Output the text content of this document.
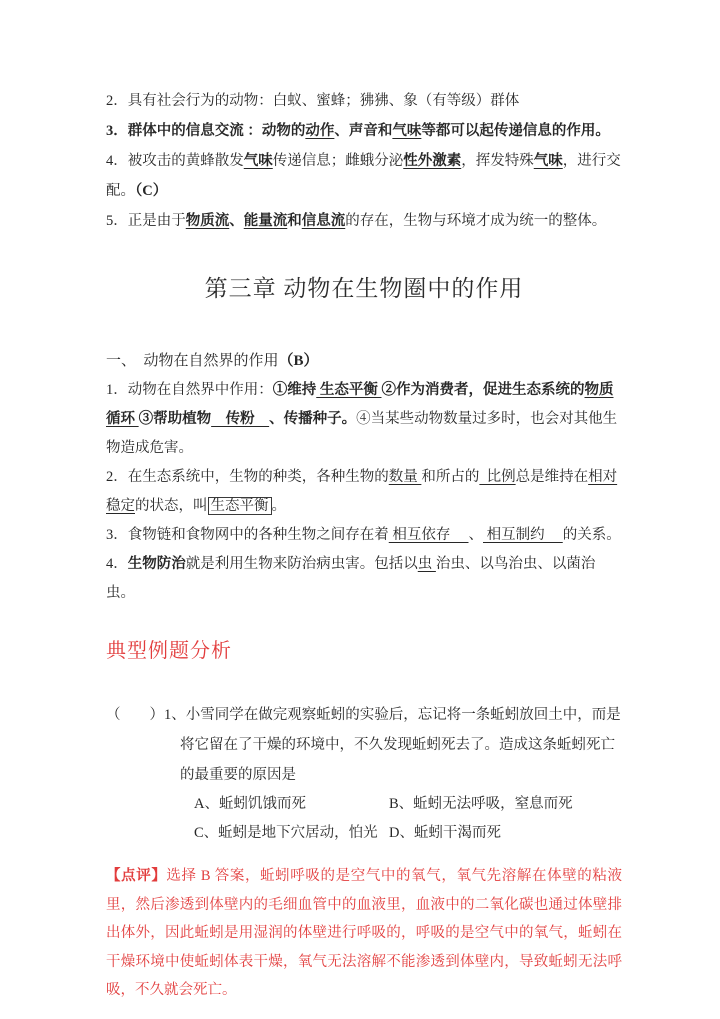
2．具有社会行为的动物：白蚁、蜜蜂；狒狒、象（有等级）群体

3．群体中的信息交流 ：动物的动作、声音和气味等都可以起传递信息的作用。

4．被攻击的黄蜂散发气味传递信息；雌蛾分泌性外激素，挥发特殊气味，进行交配。（C）

5．正是由于物质流、能量流和信息流的存在，生物与环境才成为统一的整体。

第三章 动物在生物圈中的作用
一、　动物在自然界的作用（B）

1．动物在自然界中作用：①维持 生态平衡 ②作为消费者，促进生态系统的物质循环 ③帮助植物　传粉　、传播种子。④当某些动物数量过多时，也会对其他生物造成危害。

2．在生态系统中，生物的种类，各种生物的数量 和所占的  比例总是维持在相对稳定的状态，叫 生态平衡 。

3．食物链和食物网中的各种生物之间存在着 相互依存 　、 相互制约　 的关系。

4．生物防治就是利用生物来防治病虫害。包括以虫 治虫、以鸟治虫、以菌治虫。

典型例题分析

（　　）1、小雪同学在做完观察蚯蚓的实验后，忘记将一条蚯蚓放回土中，而是将它留在了干燥的环境中，不久发现蚯蚓死去了。造成这条蚯蚓死亡的最重要的原因是

A、蚯蚓饥饿而死	B、蚯蚓无法呼吸，窒息而死
C、蚯蚓是地下穴居动，怕光 D、蚯蚓干渴而死

【点评】选择 B 答案，蚯蚓呼吸的是空气中的氧气，氧气先溶解在体壁的粘液里，然后渗透到体壁内的毛细血管中的血液里，血液中的二氧化碳也通过体壁排出体外，因此蚯蚓是用湿润的体壁进行呼吸的，呼吸的是空气中的氧气，蚯蚓在干燥环境中使蚯蚓体表干燥，氧气无法溶解不能渗透到体壁内，导致蚯蚓无法呼吸，不久就会死亡。
